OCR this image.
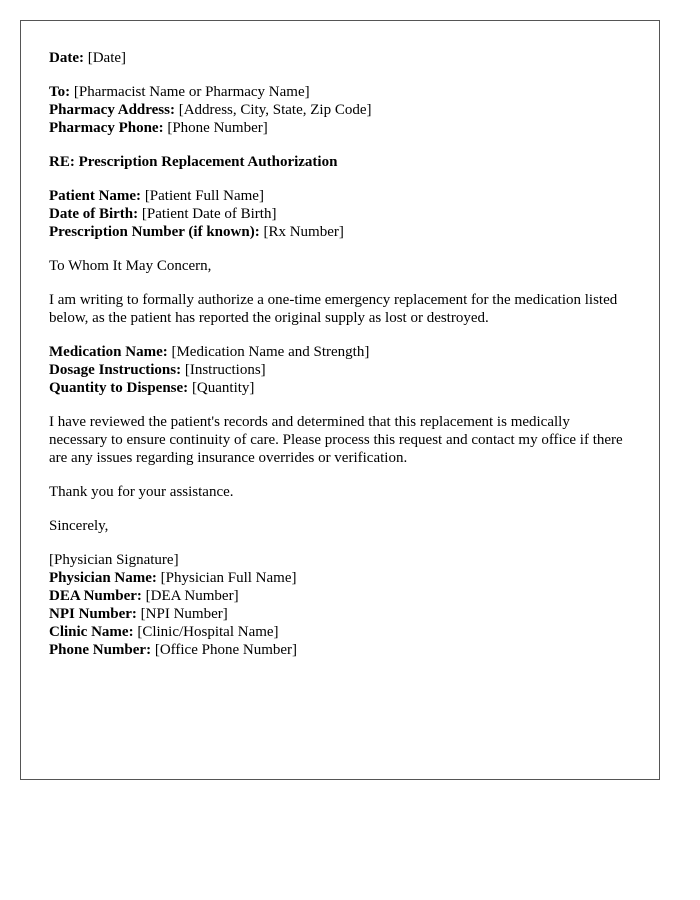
Date: [Date]
To: [Pharmacist Name or Pharmacy Name]
Pharmacy Address: [Address, City, State, Zip Code]
Pharmacy Phone: [Phone Number]
RE: Prescription Replacement Authorization
Patient Name: [Patient Full Name]
Date of Birth: [Patient Date of Birth]
Prescription Number (if known): [Rx Number]

To Whom It May Concern,

I am writing to formally authorize a one-time emergency replacement for the medication listed below, as the patient has reported the original supply as lost or destroyed.

Medication Name: [Medication Name and Strength]
Dosage Instructions: [Instructions]
Quantity to Dispense: [Quantity]

I have reviewed the patient's records and determined that this replacement is medically necessary to ensure continuity of care. Please process this request and contact my office if there are any issues regarding insurance overrides or verification.

Thank you for your assistance.

Sincerely,

[Physician Signature]
Physician Name: [Physician Full Name]
DEA Number: [DEA Number]
NPI Number: [NPI Number]
Clinic Name: [Clinic/Hospital Name]
Phone Number: [Office Phone Number]
